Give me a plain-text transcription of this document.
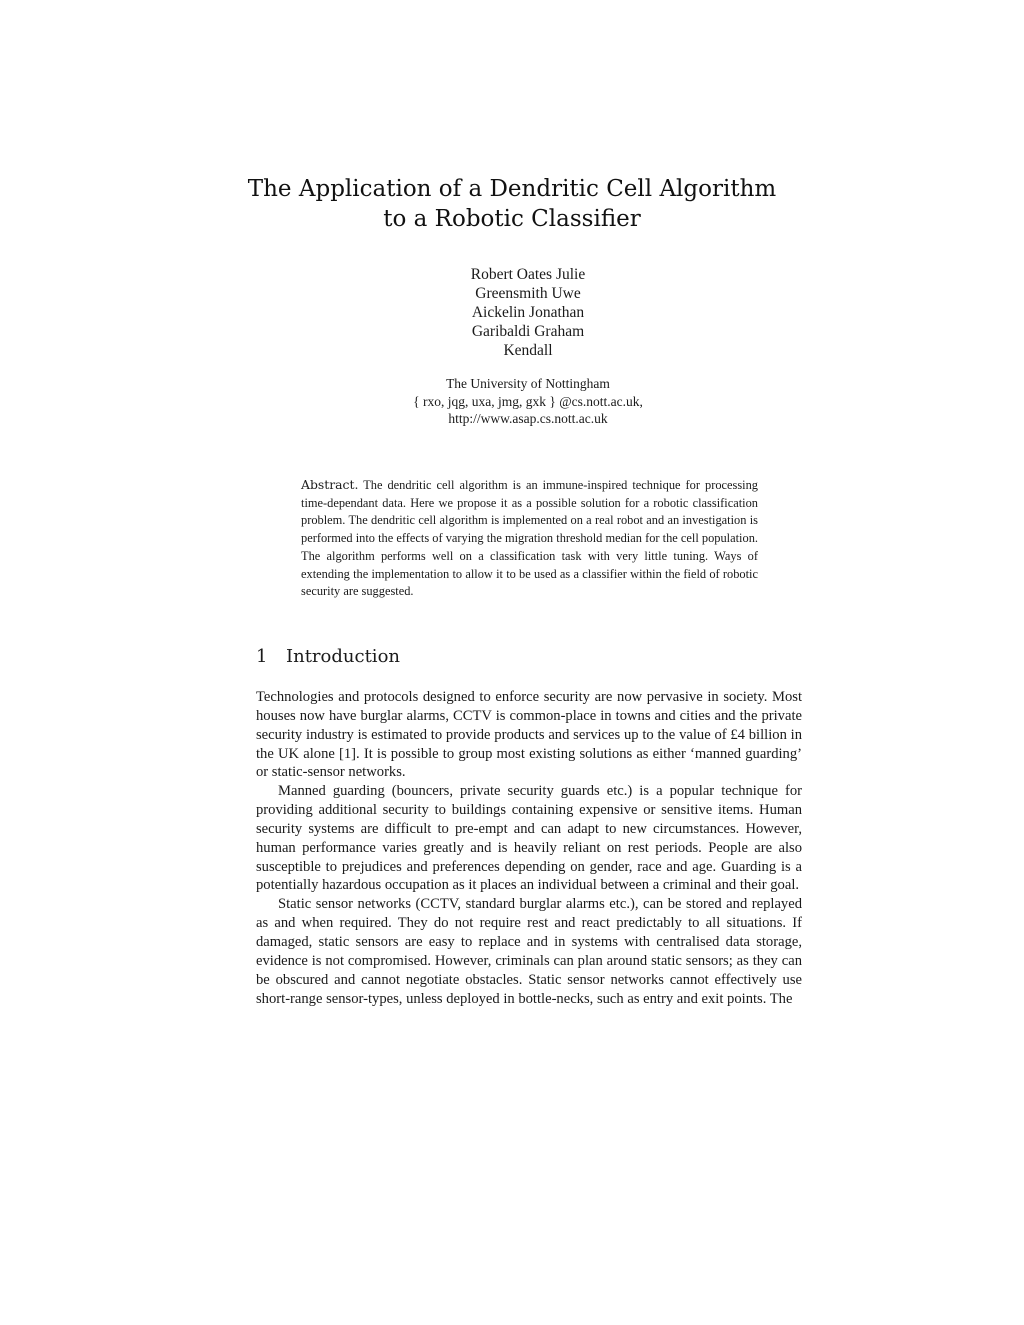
The Application of a Dendritic Cell Algorithm
to a Robotic Classifier
Robert Oates Julie
Greensmith Uwe
Aickelin Jonathan
Garibaldi Graham
Kendall
The University of Nottingham
{ rxo, jqg, uxa, jmg, gxk } @cs.nott.ac.uk,
http://www.asap.cs.nott.ac.uk
Abstract. The dendritic cell algorithm is an immune-inspired technique for processing time-dependant data. Here we propose it as a possible solution for a robotic classification problem. The dendritic cell algorithm is implemented on a real robot and an investigation is performed into the effects of varying the migration threshold median for the cell population. The algorithm performs well on a classification task with very little tuning. Ways of extending the implementation to allow it to be used as a classifier within the field of robotic security are suggested.
1 Introduction

Technologies and protocols designed to enforce security are now pervasive in society. Most houses now have burglar alarms, CCTV is common-place in towns and cities and the private security industry is estimated to provide products and services up to the value of £4 billion in the UK alone [1]. It is possible to group most existing solutions as either ‘manned guarding’ or static-sensor networks.

Manned guarding (bouncers, private security guards etc.) is a popular technique for providing additional security to buildings containing expensive or sensitive items. Human security systems are difficult to pre-empt and can adapt to new circumstances. However, human performance varies greatly and is heavily reliant on rest periods. People are also susceptible to prejudices and preferences depending on gender, race and age. Guarding is a potentially hazardous occupation as it places an individual between a criminal and their goal.

Static sensor networks (CCTV, standard burglar alarms etc.), can be stored and replayed as and when required. They do not require rest and react predictably to all situations. If damaged, static sensors are easy to replace and in systems with centralised data storage, evidence is not compromised. However, criminals can plan around static sensors; as they can be obscured and cannot negotiate obstacles. Static sensor networks cannot effectively use short-range sensor-types, unless deployed in bottle-necks, such as entry and exit points. The
